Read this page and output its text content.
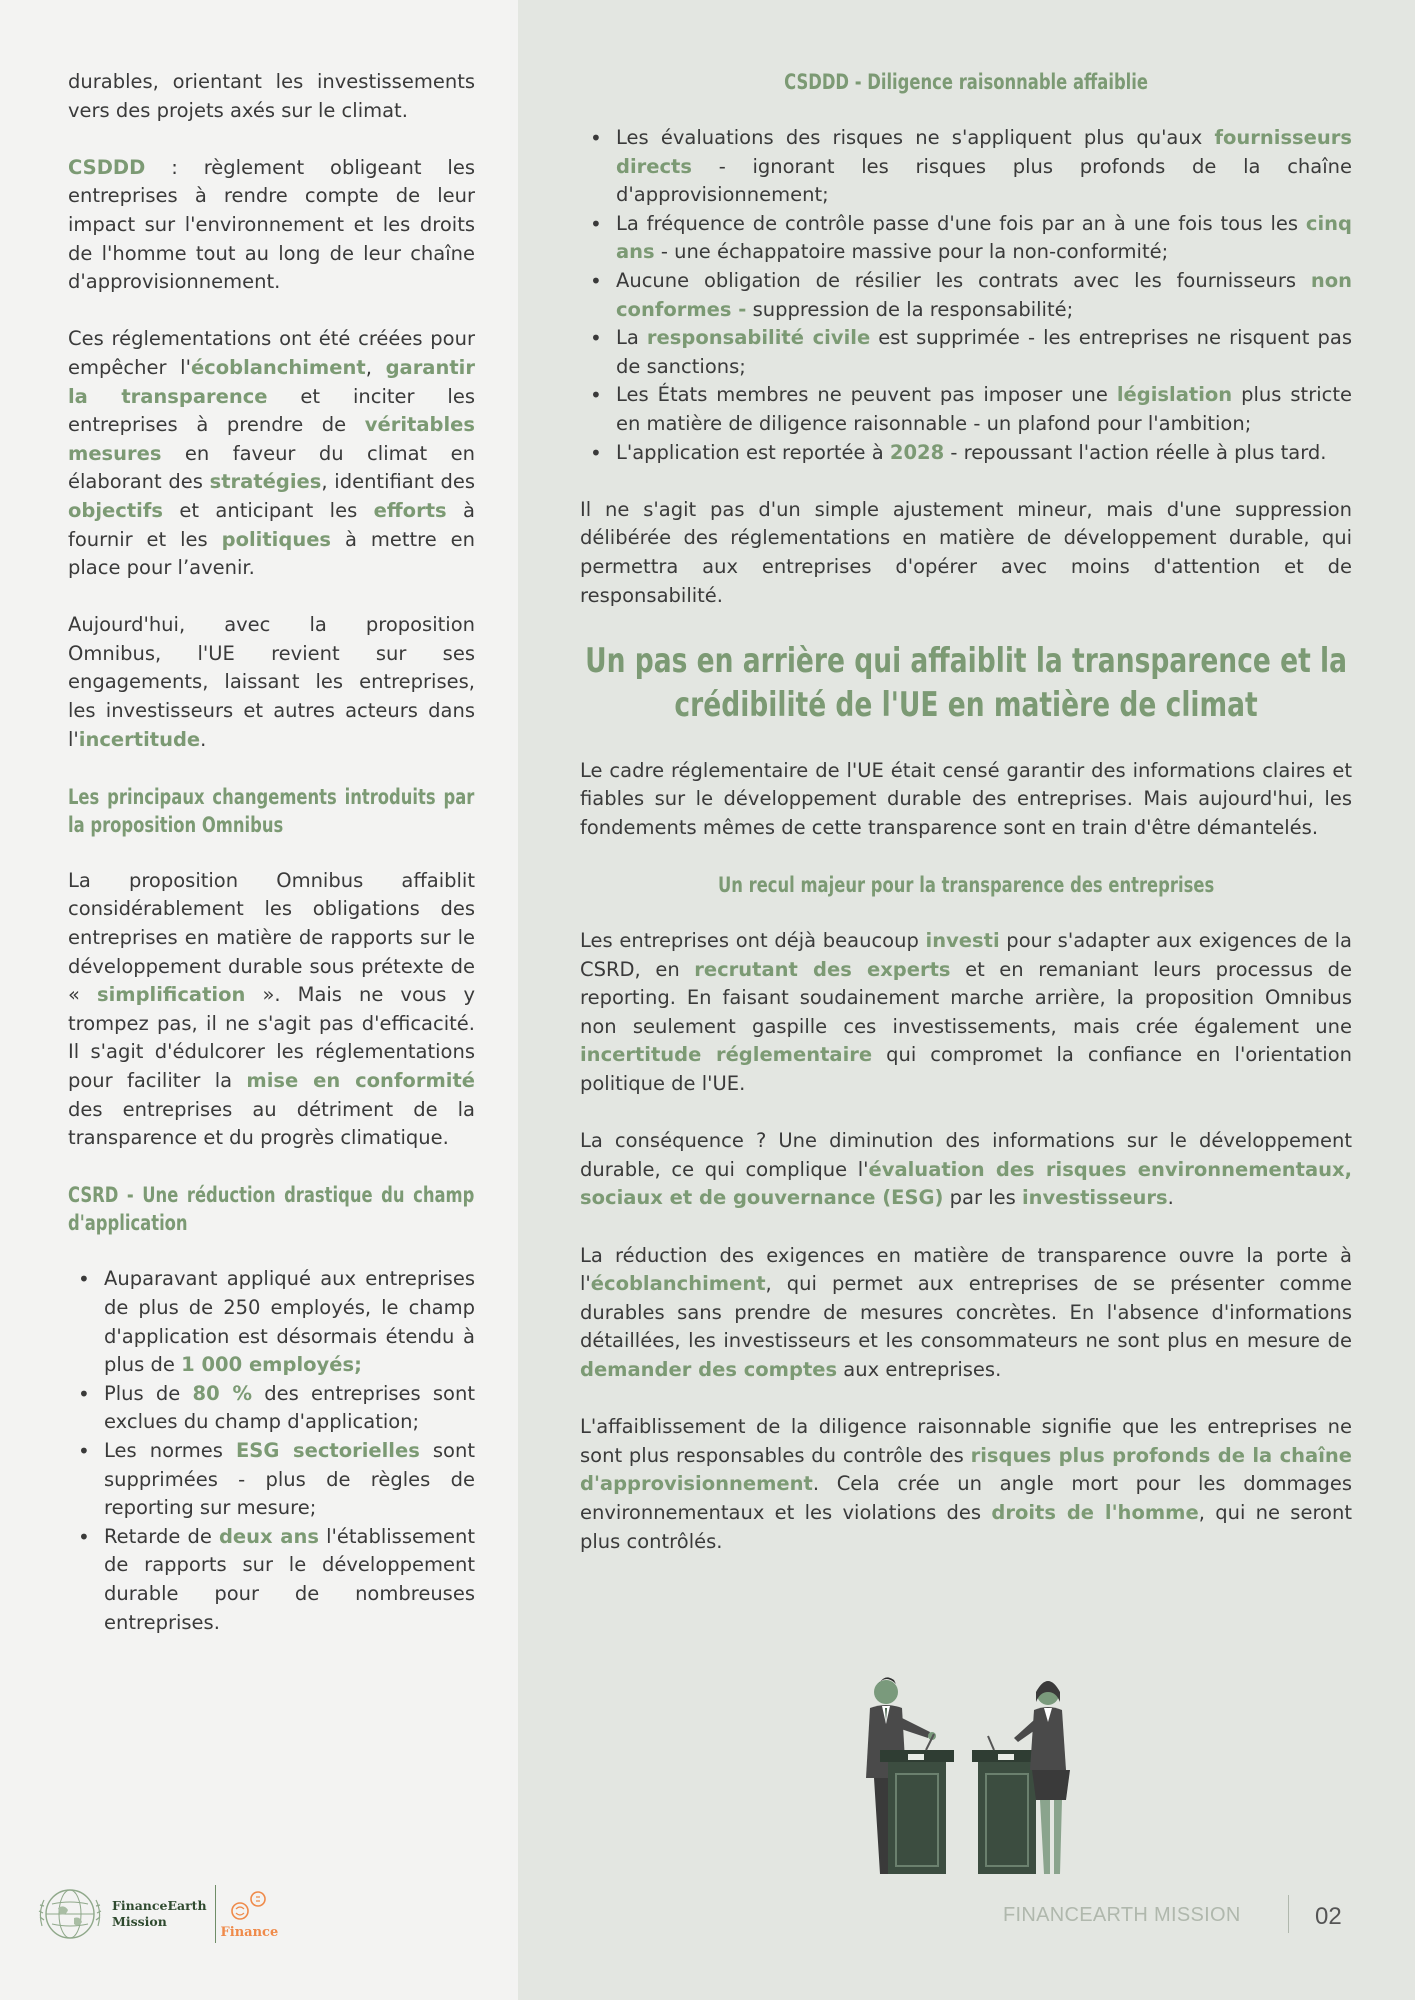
durables, orientant les investissements vers des projets axés sur le climat.

CSDDD : règlement obligeant les entreprises à rendre compte de leur impact sur l'environnement et les droits de l'homme tout au long de leur chaîne d'approvisionnement.

Ces réglementations ont été créées pour empêcher l'écoblanchiment, garantir la transparence et inciter les entreprises à prendre de véritables mesures en faveur du climat en élaborant des stratégies, identifiant des objectifs et anticipant les efforts à fournir et les politiques à mettre en place pour l’avenir.

Aujourd'hui, avec la proposition Omnibus, l'UE revient sur ses engagements, laissant les entreprises, les investisseurs et autres acteurs dans l'incertitude.

Les principaux changements introduits par la proposition Omnibus

La proposition Omnibus affaiblit considérablement les obligations des entreprises en matière de rapports sur le développement durable sous prétexte de « simplification ». Mais ne vous y trompez pas, il ne s'agit pas d'efficacité. Il s'agit d'édulcorer les réglementations pour faciliter la mise en conformité des entreprises au détriment de la transparence et du progrès climatique.

CSRD - Une réduction drastique du champ d'application
• Auparavant appliqué aux entreprises de plus de 250 employés, le champ d'application est désormais étendu à plus de 1 000 employés;
• Plus de 80 % des entreprises sont exclues du champ d'application;
• Les normes ESG sectorielles sont supprimées - plus de règles de reporting sur mesure;
• Retarde de deux ans l'établissement de rapports sur le développement durable pour de nombreuses entreprises.
FinanceEarth
Mission
Finance
CSDDD - Diligence raisonnable affaiblie
• Les évaluations des risques ne s'appliquent plus qu'aux fournisseurs directs - ignorant les risques plus profonds de la chaîne d'approvisionnement;
• La fréquence de contrôle passe d'une fois par an à une fois tous les cinq ans - une échappatoire massive pour la non-conformité;
• Aucune obligation de résilier les contrats avec les fournisseurs non conformes - suppression de la responsabilité;
• La responsabilité civile est supprimée - les entreprises ne risquent pas de sanctions;
• Les États membres ne peuvent pas imposer une législation plus stricte en matière de diligence raisonnable - un plafond pour l'ambition;
• L'application est reportée à 2028 - repoussant l'action réelle à plus tard.

Il ne s'agit pas d'un simple ajustement mineur, mais d'une suppression délibérée des réglementations en matière de développement durable, qui permettra aux entreprises d'opérer avec moins d'attention et de responsabilité.

Un pas en arrière qui affaiblit la transparence et la crédibilité de l'UE en matière de climat

Le cadre réglementaire de l'UE était censé garantir des informations claires et fiables sur le développement durable des entreprises. Mais aujourd'hui, les fondements mêmes de cette transparence sont en train d'être démantelés.

Un recul majeur pour la transparence des entreprises

Les entreprises ont déjà beaucoup investi pour s'adapter aux exigences de la CSRD, en recrutant des experts et en remaniant leurs processus de reporting. En faisant soudainement marche arrière, la proposition Omnibus non seulement gaspille ces investissements, mais crée également une incertitude réglementaire qui compromet la confiance en l'orientation politique de l'UE.

La conséquence ? Une diminution des informations sur le développement durable, ce qui complique l'évaluation des risques environnementaux, sociaux et de gouvernance (ESG) par les investisseurs.

La réduction des exigences en matière de transparence ouvre la porte à l'écoblanchiment, qui permet aux entreprises de se présenter comme durables sans prendre de mesures concrètes. En l'absence d'informations détaillées, les investisseurs et les consommateurs ne sont plus en mesure de demander des comptes aux entreprises.

L'affaiblissement de la diligence raisonnable signifie que les entreprises ne sont plus responsables du contrôle des risques plus profonds de la chaîne d'approvisionnement. Cela crée un angle mort pour les dommages environnementaux et les violations des droits de l'homme, qui ne seront plus contrôlés.

FINANCEARTH MISSION	02
